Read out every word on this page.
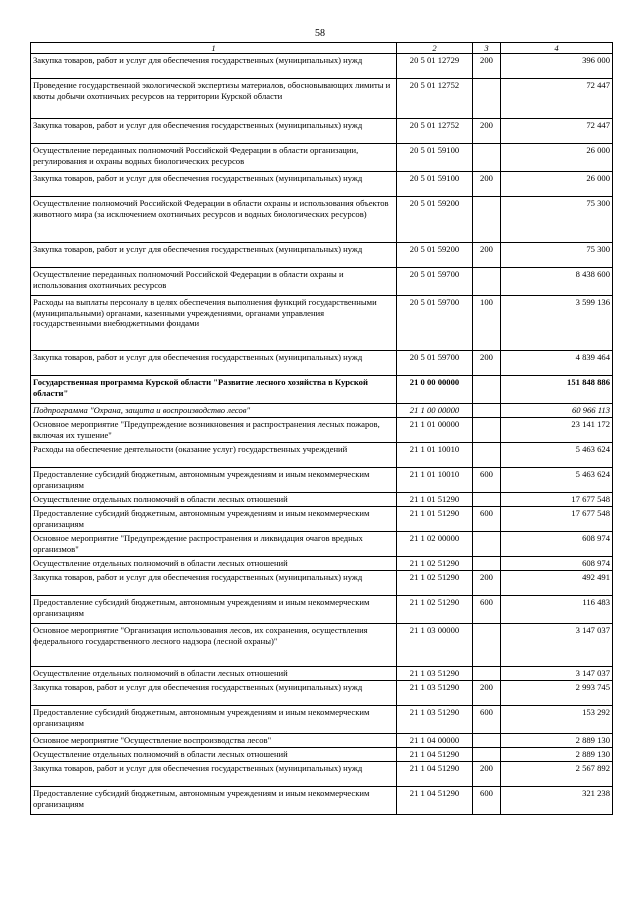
58
1	2	3	4
Закупка товаров, работ и услуг для обеспечения государственных (муниципальных) нужд	20 5 01 12729	200	396 000
Проведение государственной экологической экспертизы материалов, обосновывающих лимиты и квоты добычи охотничьих ресурсов на территории Курской области	20 5 01 12752		72 447
Закупка товаров, работ и услуг для обеспечения государственных (муниципальных) нужд	20 5 01 12752	200	72 447
Осуществление переданных полномочий Российской Федерации в области организации, регулирования и охраны водных биологических ресурсов	20 5 01 59100		26 000
Закупка товаров, работ и услуг для обеспечения государственных (муниципальных) нужд	20 5 01 59100	200	26 000
Осуществление полномочий Российской Федерации в области охраны и использования объектов животного мира (за исключением охотничьих ресурсов и водных биологических ресурсов)	20 5 01 59200		75 300
Закупка товаров, работ и услуг для обеспечения государственных (муниципальных) нужд	20 5 01 59200	200	75 300
Осуществление переданных полномочий Российской Федерации в области охраны и использования охотничьих ресурсов	20 5 01 59700		8 438 600
Расходы на выплаты персоналу в целях обеспечения выполнения функций государственными (муниципальными) органами, казенными учреждениями, органами управления государственными внебюджетными фондами	20 5 01 59700	100	3 599 136
Закупка товаров, работ и услуг для обеспечения государственных (муниципальных) нужд	20 5 01 59700	200	4 839 464
Государственная программа Курской области "Развитие лесного хозяйства в Курской области"	21 0 00 00000		151 848 886
Подпрограмма "Охрана, защита и воспроизводство лесов"	21 1 00 00000		60 966 113
Основное мероприятие "Предупреждение возникновения и распространения лесных пожаров, включая их тушение"	21 1 01 00000		23 141 172
Расходы на обеспечение деятельности (оказание услуг) государственных учреждений	21 1 01 10010		5 463 624
Предоставление субсидий бюджетным, автономным учреждениям и иным некоммерческим организациям	21 1 01 10010	600	5 463 624
Осуществление отдельных полномочий в области лесных отношений	21 1 01 51290		17 677 548
Предоставление субсидий бюджетным, автономным учреждениям и иным некоммерческим организациям	21 1 01 51290	600	17 677 548
Основное мероприятие "Предупреждение распространения и ликвидация очагов вредных организмов"	21 1 02 00000		608 974
Осуществление отдельных полномочий в области лесных отношений	21 1 02 51290		608 974
Закупка товаров, работ и услуг для обеспечения государственных (муниципальных) нужд	21 1 02 51290	200	492 491
Предоставление субсидий бюджетным, автономным учреждениям и иным некоммерческим организациям	21 1 02 51290	600	116 483
Основное мероприятие "Организация использования лесов, их сохранения, осуществления федерального государственного лесного надзора (лесной охраны)"	21 1 03 00000		3 147 037
Осуществление отдельных полномочий в области лесных отношений	21 1 03 51290		3 147 037
Закупка товаров, работ и услуг для обеспечения государственных (муниципальных) нужд	21 1 03 51290	200	2 993 745
Предоставление субсидий бюджетным, автономным учреждениям и иным некоммерческим организациям	21 1 03 51290	600	153 292
Основное мероприятие "Осуществление воспроизводства лесов"	21 1 04 00000		2 889 130
Осуществление отдельных полномочий в области лесных отношений	21 1 04 51290		2 889 130
Закупка товаров, работ и услуг для обеспечения государственных (муниципальных) нужд	21 1 04 51290	200	2 567 892
Предоставление субсидий бюджетным, автономным учреждениям и иным некоммерческим организациям	21 1 04 51290	600	321 238
